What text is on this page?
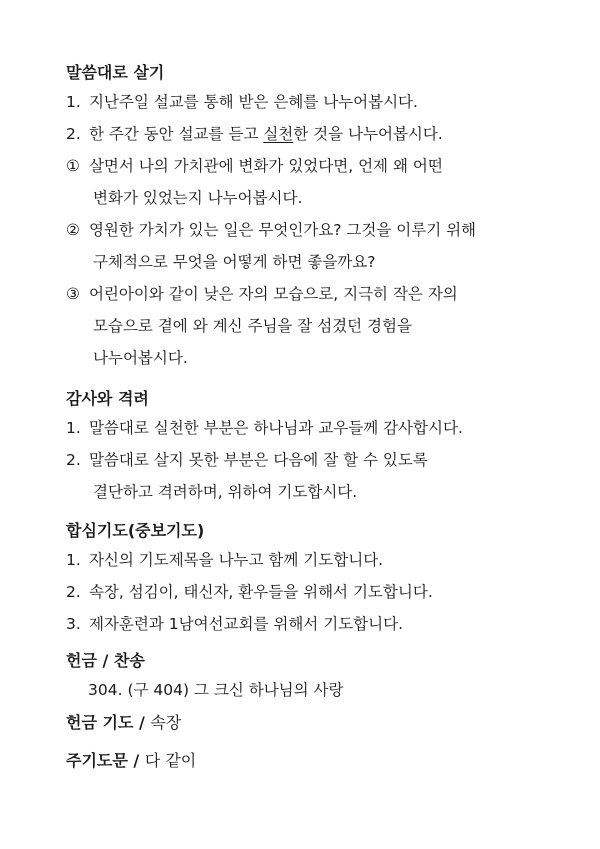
말씀대로 살기

1. 지난주일 설교를 통해 받은 은혜를 나누어봅시다.

2. 한 주간 동안 설교를 듣고 실천한 것을 나누어봅시다.

① 살면서 나의 가치관에 변화가 있었다면, 언제 왜 어떤

변화가 있었는지 나누어봅시다.

② 영원한 가치가 있는 일은 무엇인가요? 그것을 이루기 위해

구체적으로 무엇을 어떻게 하면 좋을까요?

③ 어린아이와 같이 낮은 자의 모습으로, 지극히 작은 자의

모습으로 곁에 와 계신 주님을 잘 섬겼던 경험을

나누어봅시다.

감사와 격려

1. 말씀대로 실천한 부분은 하나님과 교우들께 감사합시다.

2. 말씀대로 살지 못한 부분은 다음에 잘 할 수 있도록

결단하고 격려하며, 위하여 기도합시다.

합심기도(중보기도)

1. 자신의 기도제목을 나누고 함께 기도합니다.

2. 속장, 섬김이, 태신자, 환우들을 위해서 기도합니다.

3. 제자훈련과 1남여선교회를 위해서 기도합니다.

헌금 / 찬송

304. (구 404) 그 크신 하나님의 사랑

헌금 기도 / 속장

주기도문 / 다 같이
